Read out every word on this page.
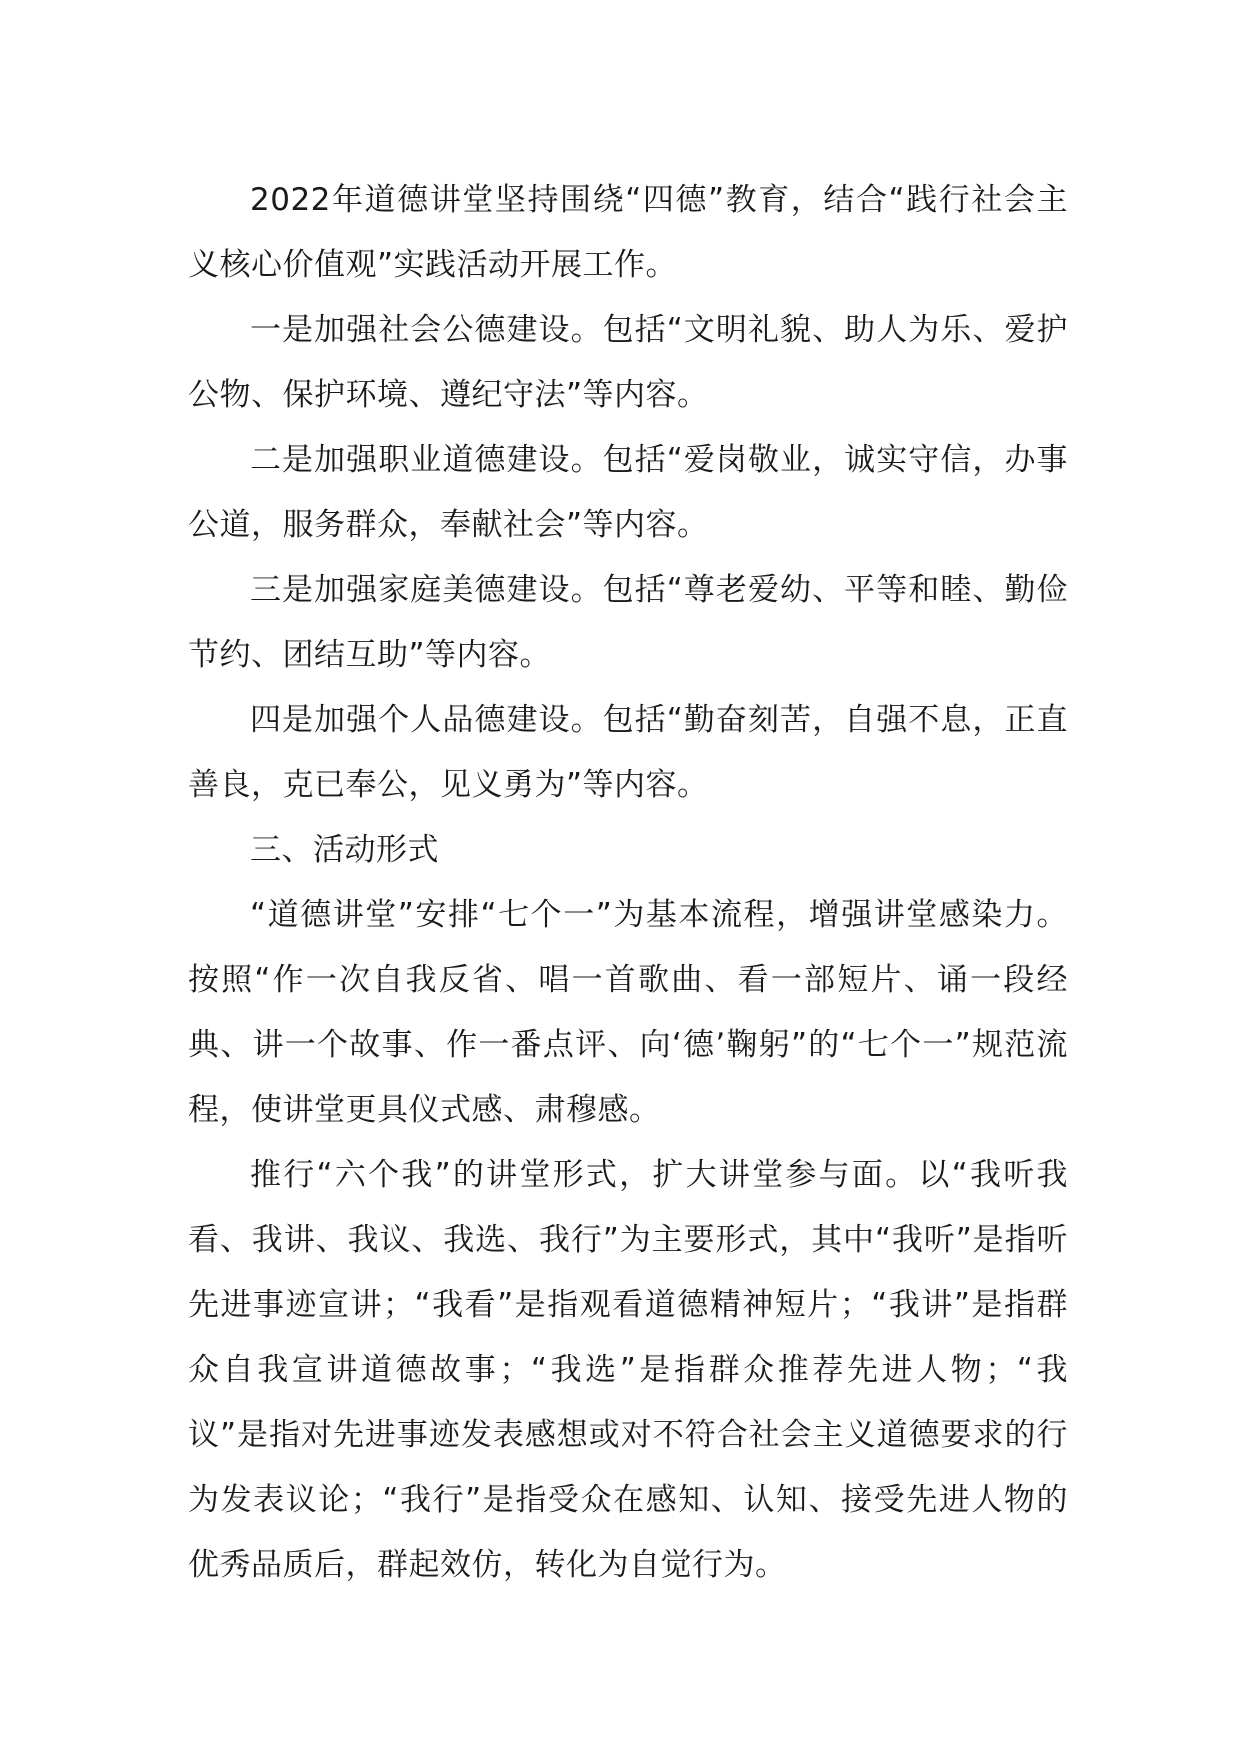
2022年道德讲堂坚持围绕“四德”教育，结合“践行社会主义核心价值观”实践活动开展工作。

一是加强社会公德建设。包括“文明礼貌、助人为乐、爱护公物、保护环境、遵纪守法”等内容。

二是加强职业道德建设。包括“爱岗敬业，诚实守信，办事公道，服务群众，奉献社会”等内容。

三是加强家庭美德建设。包括“尊老爱幼、平等和睦、勤俭节约、团结互助”等内容。

四是加强个人品德建设。包括“勤奋刻苦，自强不息，正直善良，克已奉公，见义勇为”等内容。

三、活动形式

“道德讲堂”安排“七个一”为基本流程，增强讲堂感染力。按照“作一次自我反省、唱一首歌曲、看一部短片、诵一段经典、讲一个故事、作一番点评、向‘德’鞠躬”的“七个一”规范流程，使讲堂更具仪式感、肃穆感。

推行“六个我”的讲堂形式，扩大讲堂参与面。以“我听我看、我讲、我议、我选、我行”为主要形式，其中“我听”是指听先进事迹宣讲；“我看”是指观看道德精神短片；“我讲”是指群众自我宣讲道德故事；“我选”是指群众推荐先进人物；“我议”是指对先进事迹发表感想或对不符合社会主义道德要求的行为发表议论；“我行”是指受众在感知、认知、接受先进人物的优秀品质后，群起效仿，转化为自觉行为。
